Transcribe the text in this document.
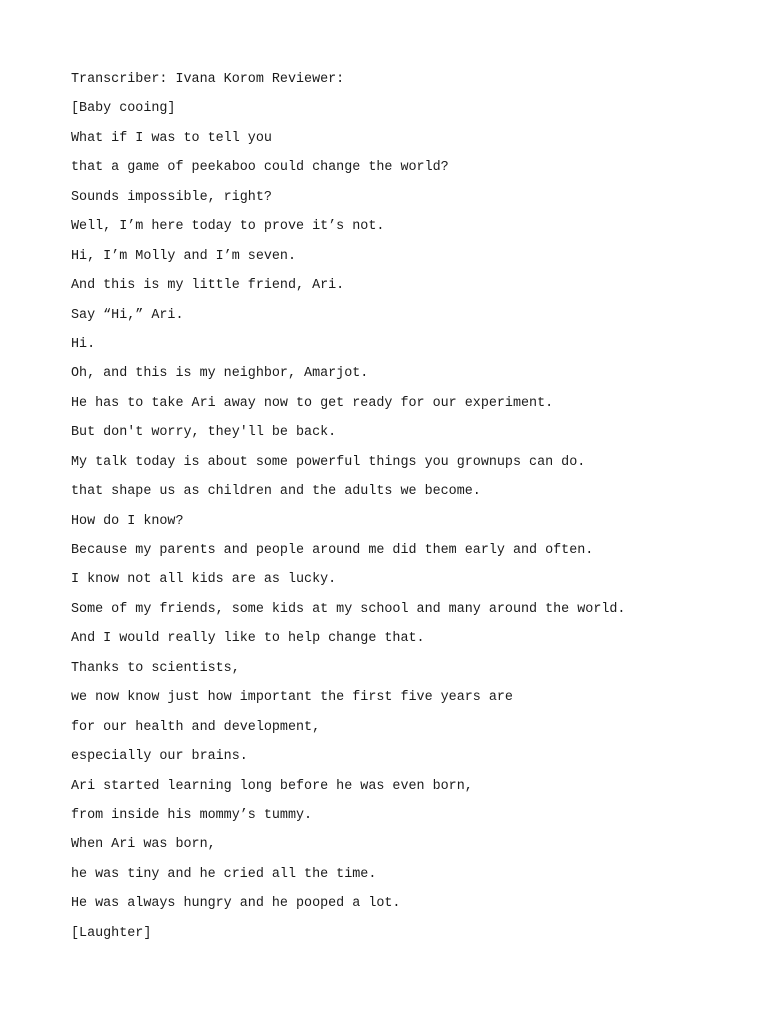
Transcriber: Ivana Korom Reviewer:
[Baby cooing]
What if I was to tell you
that a game of peekaboo could change the world?
Sounds impossible, right?
Well, I’m here today to prove it’s not.
Hi, I’m Molly and I’m seven.
And this is my little friend, Ari.
Say “Hi,” Ari.
Hi.
Oh, and this is my neighbor, Amarjot.
He has to take Ari away now to get ready for our experiment.
But don't worry, they'll be back.
My talk today is about some powerful things you grownups can do.
that shape us as children and the adults we become.
How do I know?
Because my parents and people around me did them early and often.
I know not all kids are as lucky.
Some of my friends, some kids at my school and many around the world.
And I would really like to help change that.
Thanks to scientists,
we now know just how important the first five years are
for our health and development,
especially our brains.
Ari started learning long before he was even born,
from inside his mommy’s tummy.
When Ari was born,
he was tiny and he cried all the time.
He was always hungry and he pooped a lot.
[Laughter]
